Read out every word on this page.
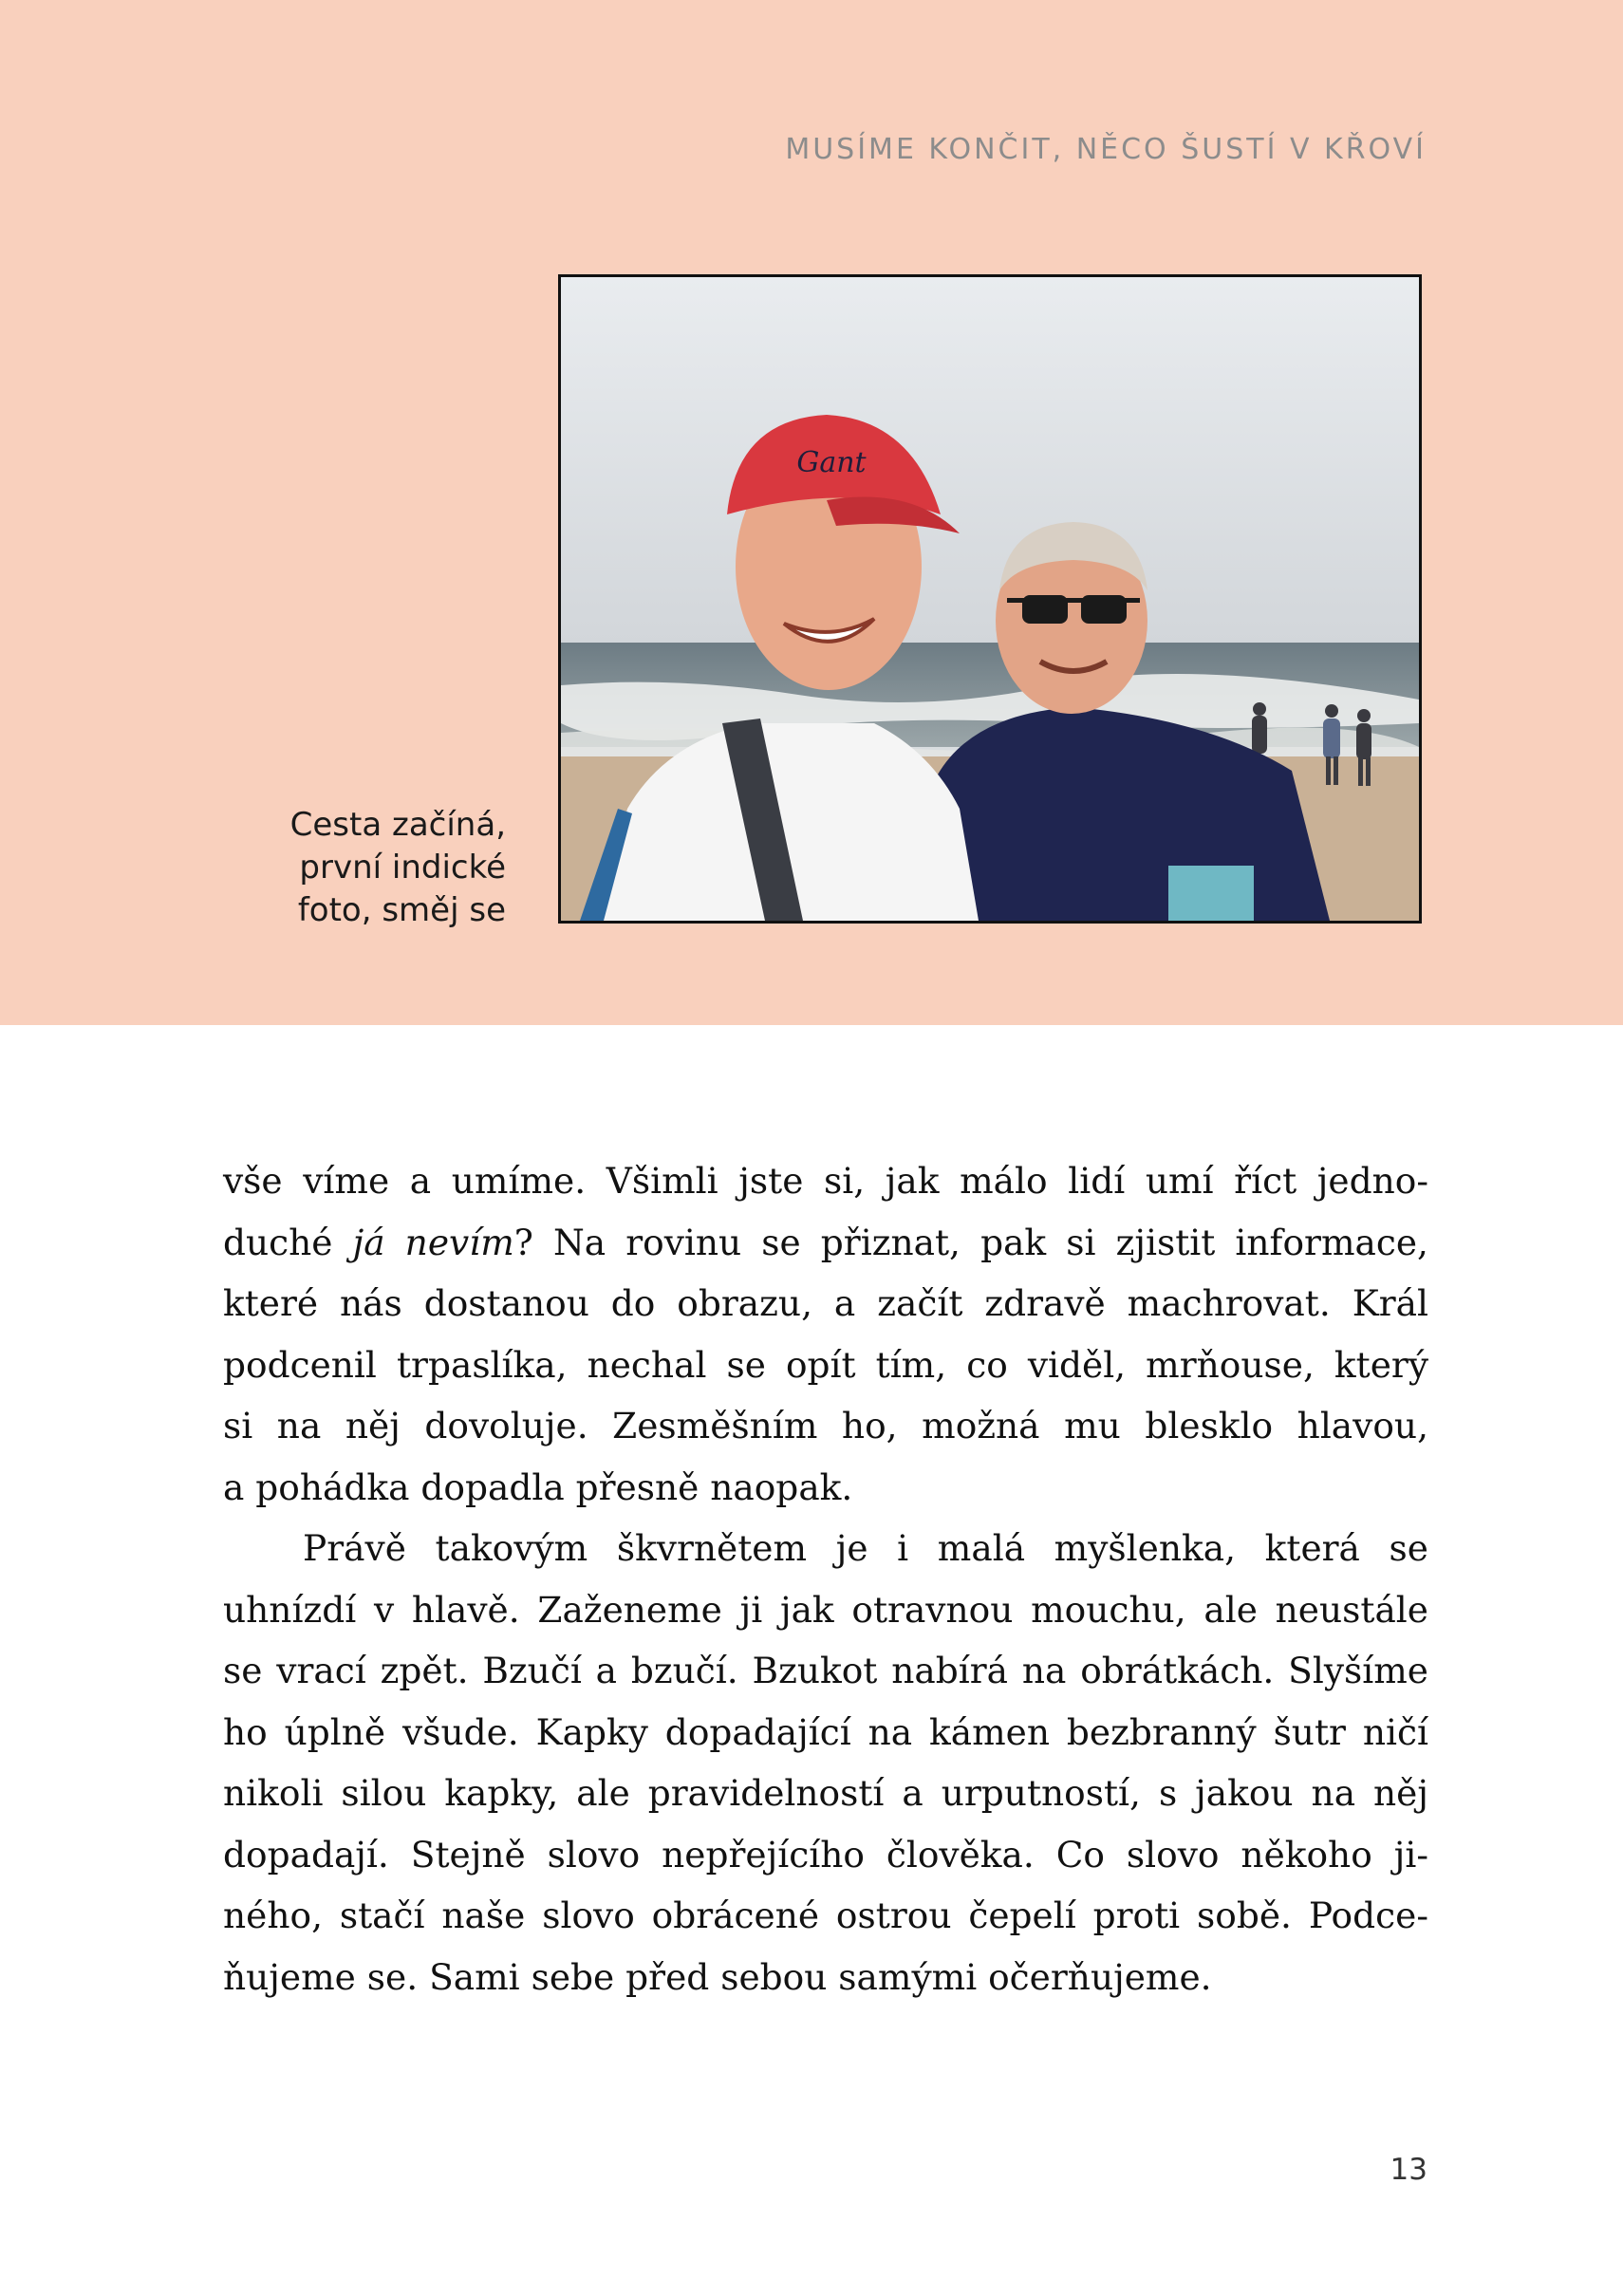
MUSÍME KONČIT, NĚCO ŠUSTÍ V KŘOVÍ
Gant
Cesta začíná,
první indické
foto, směj se
vše víme a umíme. Všimli jste si, jak málo lidí umí říct jedno-
duché já nevím? Na rovinu se přiznat, pak si zjistit informace,
které nás dostanou do obrazu, a začít zdravě machrovat. Král
podcenil trpaslíka, nechal se opít tím, co viděl, mrňouse, který
si na něj dovoluje. Zesměšním ho, možná mu blesklo hlavou,
a pohádka dopadla přesně naopak.
Právě takovým škvrnětem je i malá myšlenka, která se
uhnízdí v hlavě. Zaženeme ji jak otravnou mouchu, ale neustále
se vrací zpět. Bzučí a bzučí. Bzukot nabírá na obrátkách. Slyšíme
ho úplně všude. Kapky dopadající na kámen bezbranný šutr ničí
nikoli silou kapky, ale pravidelností a urputností, s jakou na něj
dopadají. Stejně slovo nepřejícího člověka. Co slovo někoho ji-
ného, stačí naše slovo obrácené ostrou čepelí proti sobě. Podce-
ňujeme se. Sami sebe před sebou samými očerňujeme.
13
